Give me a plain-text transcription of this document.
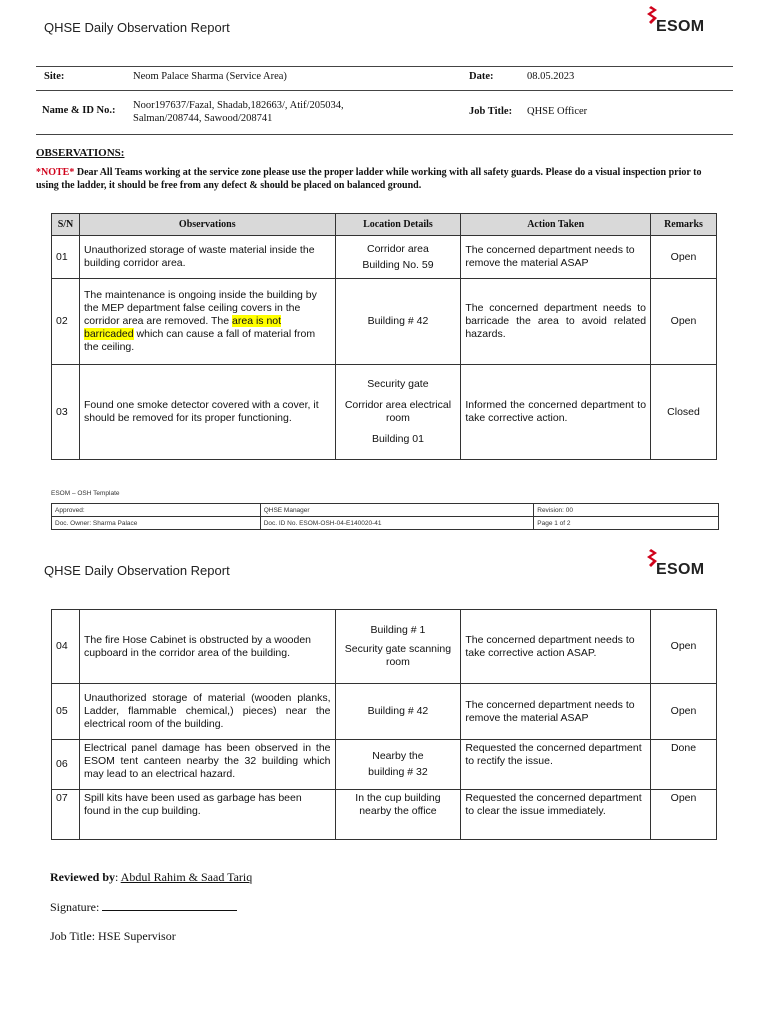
QHSE Daily Observation Report	ESOM
Site:	Neom Palace Sharma (Service Area)	Date:	08.05.2023
Name & ID No.: Noor197637/Fazal, Shadab,182663/, Atif/205034,
Salman/208744, Sawood/208741
Job Title: QHSE Officer
OBSERVATIONS:
*NOTE* Dear All Teams working at the service zone please use the proper ladder while working with all safety guards. Please do a visual inspection prior to using the ladder, it should be free from any defect & should be placed on balanced ground.
S/N	Observations	Location Details	Action Taken	Remarks
01	Unauthorized storage of waste material inside the building corridor area.	Corridor area
Building No. 59	The concerned department needs to remove the material ASAP	Open
02	The maintenance is ongoing inside the building by the MEP department false ceiling covers in the corridor area are removed. The area is not barricaded which can cause a fall of material from the ceiling.	Building # 42	The concerned department needs to barricade the area to avoid related hazards.	Open
03	Found one smoke detector covered with a cover, it should be removed for its proper functioning.	Security gate
Corridor area electrical room
Building 01	Informed the concerned department to take corrective action.	Closed
ESOM – OSH Template
Approved:	QHSE Manager	Revision: 00
Doc. Owner: Sharma Palace	Doc. ID No. ESOM-OSH-04-E140020-41	Page 1 of 2
QHSE Daily Observation Report	ESOM
04	The fire Hose Cabinet is obstructed by a wooden cupboard in the corridor area of the building.	Building # 1
Security gate scanning room	The concerned department needs to take corrective action ASAP.	Open
05	Unauthorized storage of material (wooden planks, Ladder, flammable chemical,) pieces) near the electrical room of the building.	Building # 42	The concerned department needs to remove the material ASAP	Open
06	Electrical panel damage has been observed in the ESOM tent canteen nearby the 32 building which may lead to an electrical hazard.	Nearby the
building # 32	Requested the concerned department to rectify the issue.	Done
07	Spill kits have been used as garbage has been found in the cup building.	In the cup building nearby the office	Requested the concerned department to clear the issue immediately.	Open
Reviewed by: Abdul Rahim & Saad Tariq
Signature:
Job Title: HSE Supervisor
